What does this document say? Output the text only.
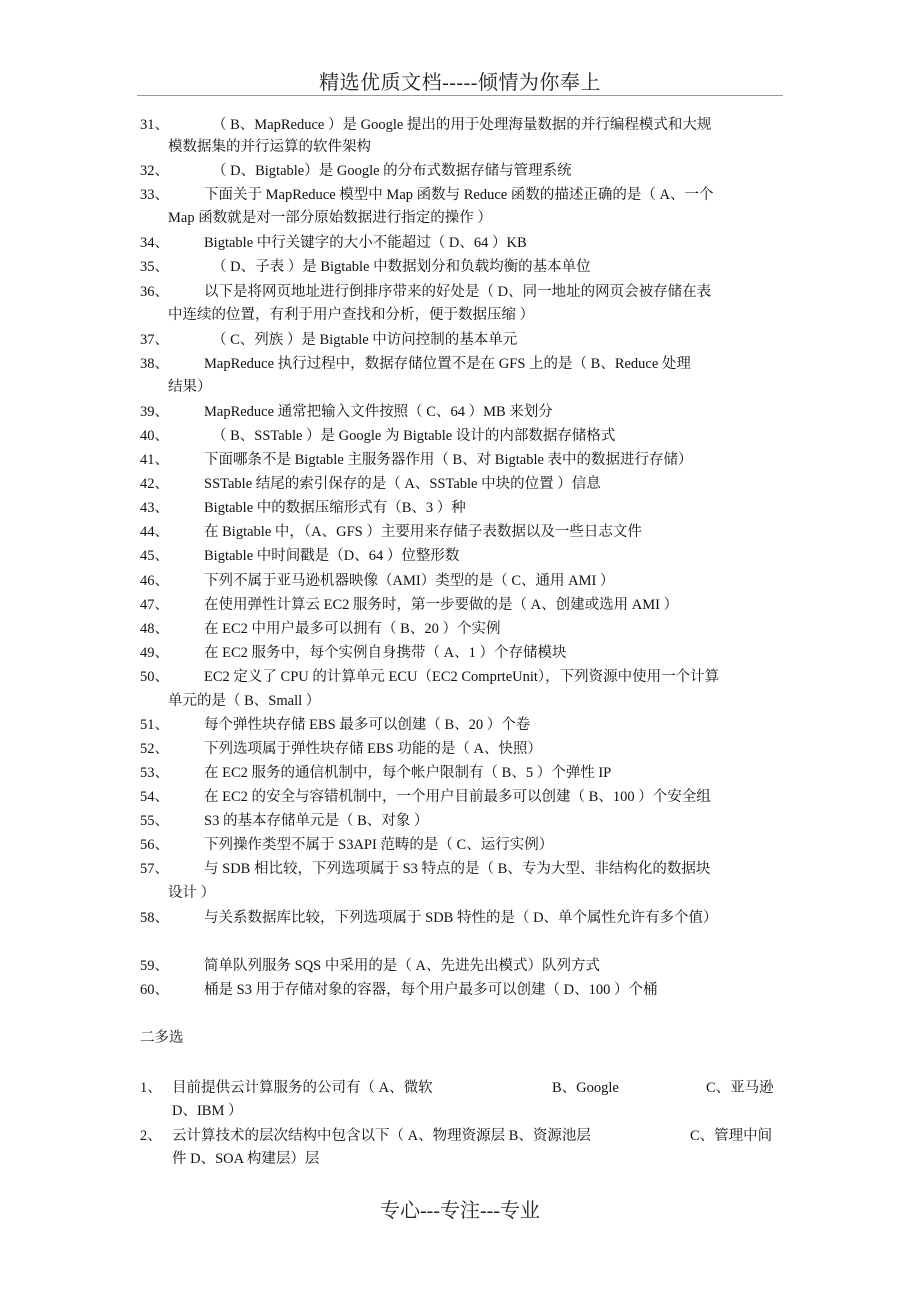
精选优质文档-----倾情为你奉上
31、	（ B、MapReduce ）是 Google 提出的用于处理海量数据的并行编程模式和大规
模数据集的并行运算的软件架构
32、	（ D、Bigtable）是 Google 的分布式数据存储与管理系统
33、 下面关于 MapReduce 模型中 Map 函数与 Reduce 函数的描述正确的是（ A、一个
Map 函数就是对一部分原始数据进行指定的操作 ）
34、 Bigtable 中行关键字的大小不能超过（ D、64 ）KB
35、	（ D、子表 ）是 Bigtable 中数据划分和负载均衡的基本单位
36、 以下是将网页地址进行倒排序带来的好处是（ D、同一地址的网页会被存储在表
中连续的位置，有利于用户查找和分析，便于数据压缩 ）
37、	（ C、列族 ）是 Bigtable 中访问控制的基本单元
38、 MapReduce 执行过程中，数据存储位置不是在 GFS 上的是（ B、Reduce 处理
结果）
39、 MapReduce 通常把输入文件按照（ C、64 ）MB 来划分
40、	（ B、SSTable ）是 Google 为 Bigtable 设计的内部数据存储格式
41、 下面哪条不是 Bigtable 主服务器作用（ B、对 Bigtable 表中的数据进行存储）
42、 SSTable 结尾的索引保存的是（ A、SSTable 中块的位置 ）信息
43、 Bigtable 中的数据压缩形式有（B、3 ）种
44、 在 Bigtable 中，（A、GFS ）主要用来存储子表数据以及一些日志文件
45、 Bigtable 中时间戳是（D、64 ）位整形数
46、 下列不属于亚马逊机器映像（AMI）类型的是（ C、通用 AMI ）
47、 在使用弹性计算云 EC2 服务时，第一步要做的是（ A、创建或选用 AMI ）
48、 在 EC2 中用户最多可以拥有（ B、20 ）个实例
49、 在 EC2 服务中，每个实例自身携带（ A、1 ）个存储模块
50、 EC2 定义了 CPU 的计算单元 ECU（EC2 ComprteUnit），下列资源中使用一个计算
单元的是（ B、Small ）
51、 每个弹性块存储 EBS 最多可以创建（ B、20 ）个卷
52、 下列选项属于弹性块存储 EBS 功能的是（ A、快照）
53、 在 EC2 服务的通信机制中，每个帐户限制有（ B、5 ）个弹性 IP
54、 在 EC2 的安全与容错机制中，一个用户目前最多可以创建（ B、100 ）个安全组
55、 S3 的基本存储单元是（ B、对象 ）
56、 下列操作类型不属于 S3API 范畴的是（ C、运行实例）
57、 与 SDB 相比较，下列选项属于 S3 特点的是（ B、专为大型、非结构化的数据块
设计 ）
58、 与关系数据库比较，下列选项属于 SDB 特性的是（ D、单个属性允许有多个值）
59、 简单队列服务 SQS 中采用的是（ A、先进先出模式）队列方式
60、 桶是 S3 用于存储对象的容器，每个用户最多可以创建（ D、100 ）个桶
二多选
1、 目前提供云计算服务的公司有（ A、微软	B、Google	C、亚马逊
D、IBM ）
2、 云计算技术的层次结构中包含以下（ A、物理资源层 B、资源池层	C、管理中间
件 D、SOA 构建层）层
专心---专注---专业
